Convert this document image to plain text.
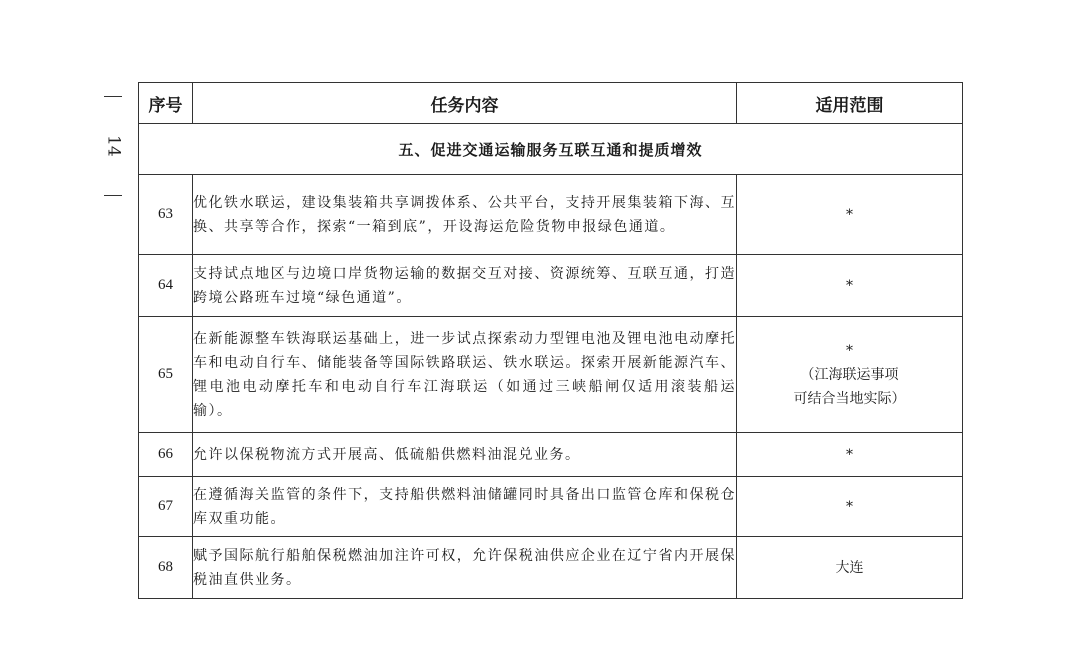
14
序号	任务内容	适用范围
五、促进交通运输服务互联互通和提质增效		
63	优化铁水联运，建设集装箱共享调拨体系、公共平台，支持开展集装箱下海、互换、共享等合作，探索“一箱到底”，开设海运危险货物申报绿色通道。	*

64	支持试点地区与边境口岸货物运输的数据交互对接、资源统筹、互联互通，打造跨境公路班车过境“绿色通道”。	*

65	在新能源整车铁海联运基础上，进一步试点探索动力型锂电池及锂电池电动摩托车和电动自行车、储能装备等国际铁路联运、铁水联运。探索开展新能源汽车、锂电池电动摩托车和电动自行车江海联运（如通过三峡船闸仅适用滚装船运输）。	*
（江海联运事项
可结合当地实际）

66	允许以保税物流方式开展高、低硫船供燃料油混兑业务。	*

67	在遵循海关监管的条件下，支持船供燃料油储罐同时具备出口监管仓库和保税仓库双重功能。	*

68	赋予国际航行船舶保税燃油加注许可权，允许保税油供应企业在辽宁省内开展保税油直供业务。	大连
